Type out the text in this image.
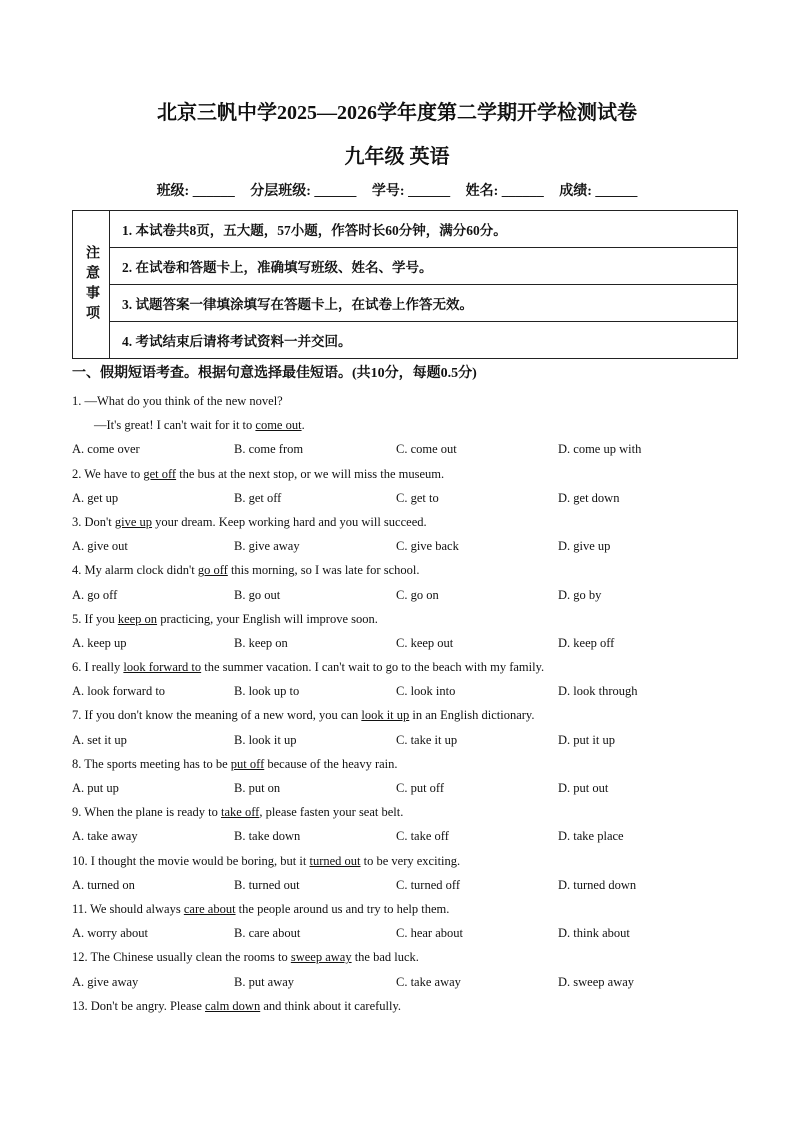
北京三帆中学2025—2026学年度第二学期开学检测试卷
九年级 英语
班级: ______ 分层班级: ______ 学号: ______ 姓名: ______ 成绩: ______
注意事项
1. 本试卷共8页，五大题，57小题，作答时长60分钟，满分60分。
2. 在试卷和答题卡上，准确填写班级、姓名、学号。
3. 试题答案一律填涂填写在答题卡上，在试卷上作答无效。
4. 考试结束后请将考试资料一并交回。
一、假期短语考查。根据句意选择最佳短语。(共10分，每题0.5分)
1. —What do you think of the new novel?
—It's great! I can't wait for it to come out.
A. come over	B. come from	C. come out	D. come up with
2. We have to get off the bus at the next stop, or we will miss the museum.
A. get up	B. get off	C. get to	D. get down
3. Don't give up your dream. Keep working hard and you will succeed.
A. give out	B. give away	C. give back	D. give up
4. My alarm clock didn't go off this morning, so I was late for school.
A. go off	B. go out	C. go on	D. go by
5. If you keep on practicing, your English will improve soon.
A. keep up	B. keep on	C. keep out	D. keep off
6. I really look forward to the summer vacation. I can't wait to go to the beach with my family.
A. look forward to	B. look up to	C. look into	D. look through
7. If you don't know the meaning of a new word, you can look it up in an English dictionary.
A. set it up	B. look it up	C. take it up	D. put it up
8. The sports meeting has to be put off because of the heavy rain.
A. put up	B. put on	C. put off	D. put out
9. When the plane is ready to take off, please fasten your seat belt.
A. take away	B. take down	C. take off	D. take place
10. I thought the movie would be boring, but it turned out to be very exciting.
A. turned on	B. turned out	C. turned off	D. turned down
11. We should always care about the people around us and try to help them.
A. worry about	B. care about	C. hear about	D. think about
12. The Chinese usually clean the rooms to sweep away the bad luck.
A. give away	B. put away	C. take away	D. sweep away
13. Don't be angry. Please calm down and think about it carefully.
